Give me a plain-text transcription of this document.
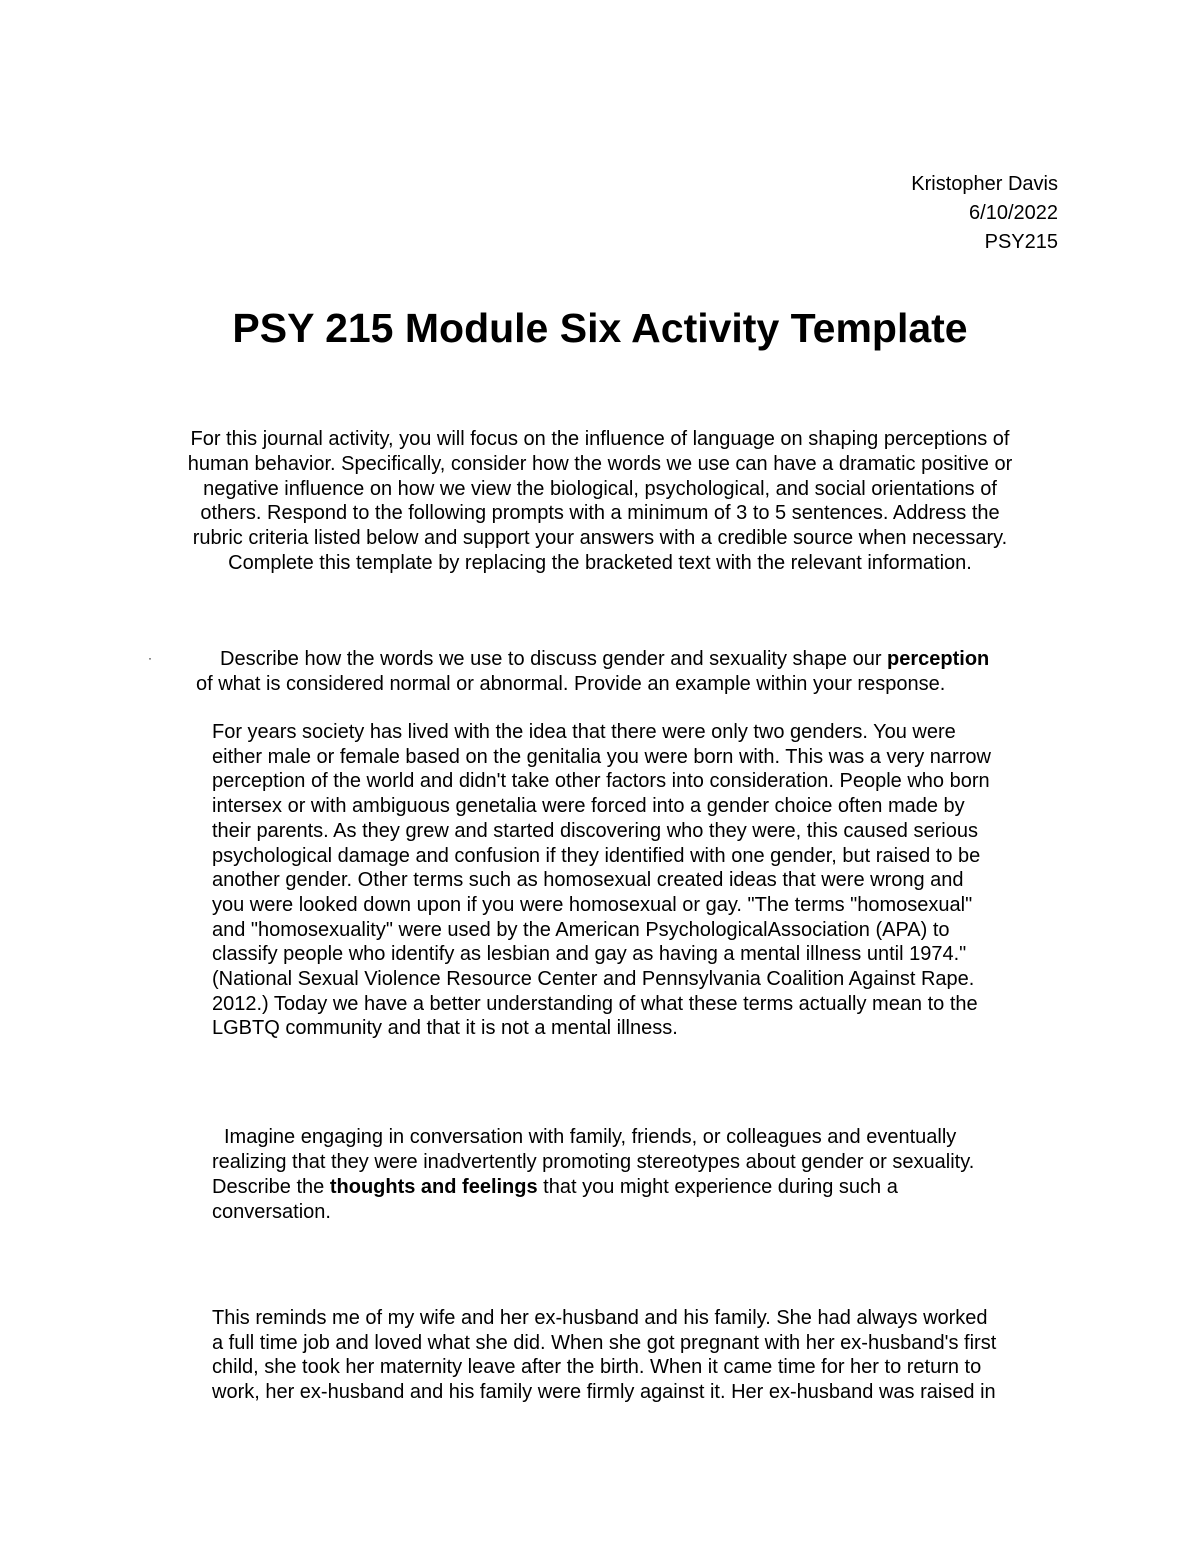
Kristopher Davis
6/10/2022
PSY215
PSY 215 Module Six Activity Template
For this journal activity, you will focus on the influence of language on shaping perceptions of
human behavior. Specifically, consider how the words we use can have a dramatic positive or
negative influence on how we view the biological, psychological, and social orientations of
others. Respond to the following prompts with a minimum of 3 to 5 sentences. Address the
rubric criteria listed below and support your answers with a credible source when necessary.
Complete this template by replacing the bracketed text with the relevant information.
·	Describe how the words we use to discuss gender and sexuality shape our perception
of what is considered normal or abnormal. Provide an example within your response.
For years society has lived with the idea that there were only two genders. You were
either male or female based on the genitalia you were born with. This was a very narrow
perception of the world and didn't take other factors into consideration. People who born
intersex or with ambiguous genetalia were forced into a gender choice often made by
their parents. As they grew and started discovering who they were, this caused serious
psychological damage and confusion if they identified with one gender, but raised to be
another gender. Other terms such as homosexual created ideas that were wrong and
you were looked down upon if you were homosexual or gay. "The terms "homosexual"
and "homosexuality" were used by the American PsychologicalAssociation (APA) to
classify people who identify as lesbian and gay as having a mental illness until 1974."
(National Sexual Violence Resource Center and Pennsylvania Coalition Against Rape.
2012.) Today we have a better understanding of what these terms actually mean to the
LGBTQ community and that it is not a mental illness.
Imagine engaging in conversation with family, friends, or colleagues and eventually
realizing that they were inadvertently promoting stereotypes about gender or sexuality.
Describe the thoughts and feelings that you might experience during such a
conversation.
This reminds me of my wife and her ex-husband and his family. She had always worked
a full time job and loved what she did. When she got pregnant with her ex-husband's first
child, she took her maternity leave after the birth. When it came time for her to return to
work, her ex-husband and his family were firmly against it. Her ex-husband was raised in
